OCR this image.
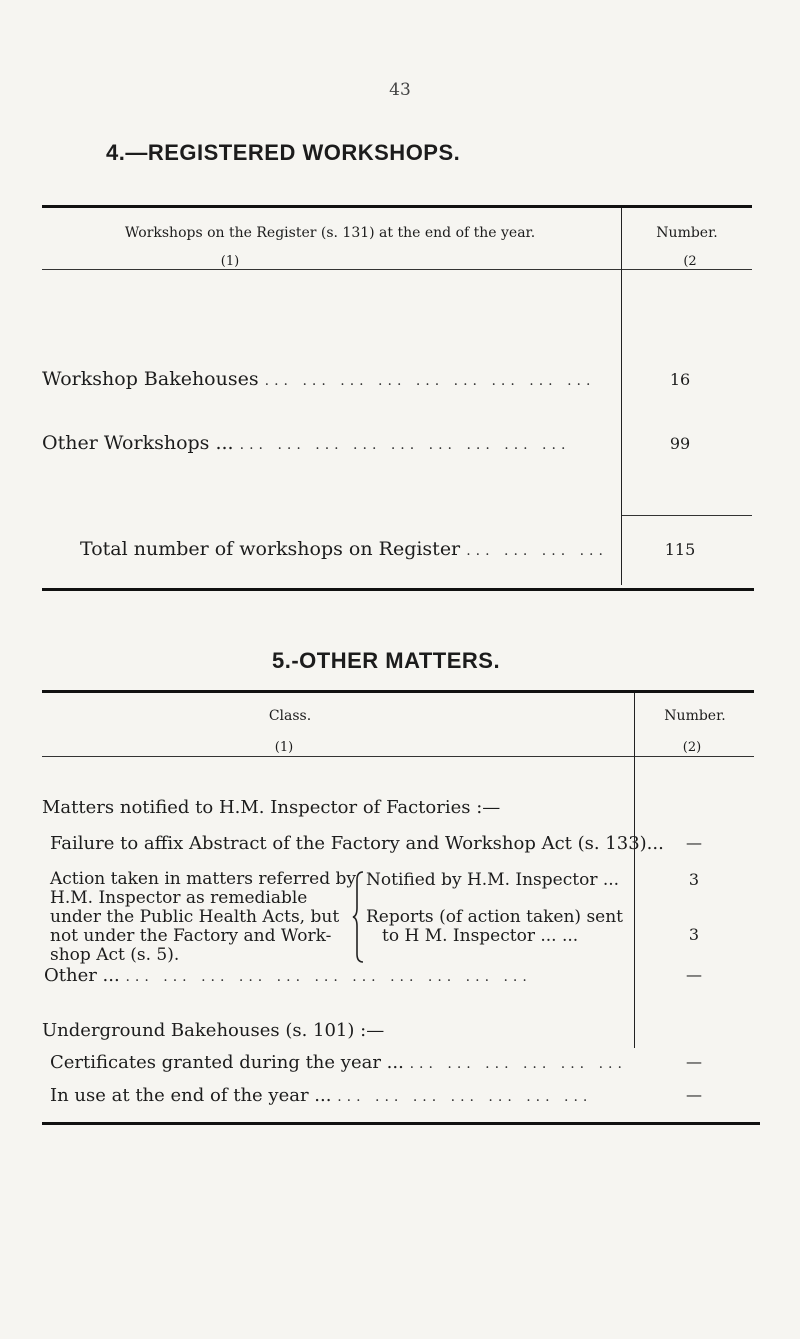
43
4.—REGISTERED WORKSHOPS.
Workshops on the Register (s. 131) at the end of the year.
(1)
Number.
(2
Workshop Bakehouses ... ... ... ... ... ... ... ... ...	16
Other Workshops ... ... ... ... ... ... ... ... ... ...	99
Total number of workshops on Register ... ... ... ...	115
5.-OTHER MATTERS.
Class.
(1)
Number.
(2)
Matters notified to H.M. Inspector of Factories :—
Failure to affix Abstract of the Factory and Workshop Act (s. 133)...	—
Action taken in matters referred by
H.M. Inspector as remediable
under the Public Health Acts, but
not under the Factory and Work-
shop Act (s. 5).
Notified by H.M. Inspector ...	3
Reports (of action taken) sent
to H M. Inspector ... ...	3
Other ... ... ... ... ... ... ... ... ... ... ... ...	—
Underground Bakehouses (s. 101) :—
Certificates granted during the year ... ... ... ... ... ... ...	—
In use at the end of the year ... ... ... ... ... ... ... ...	—
